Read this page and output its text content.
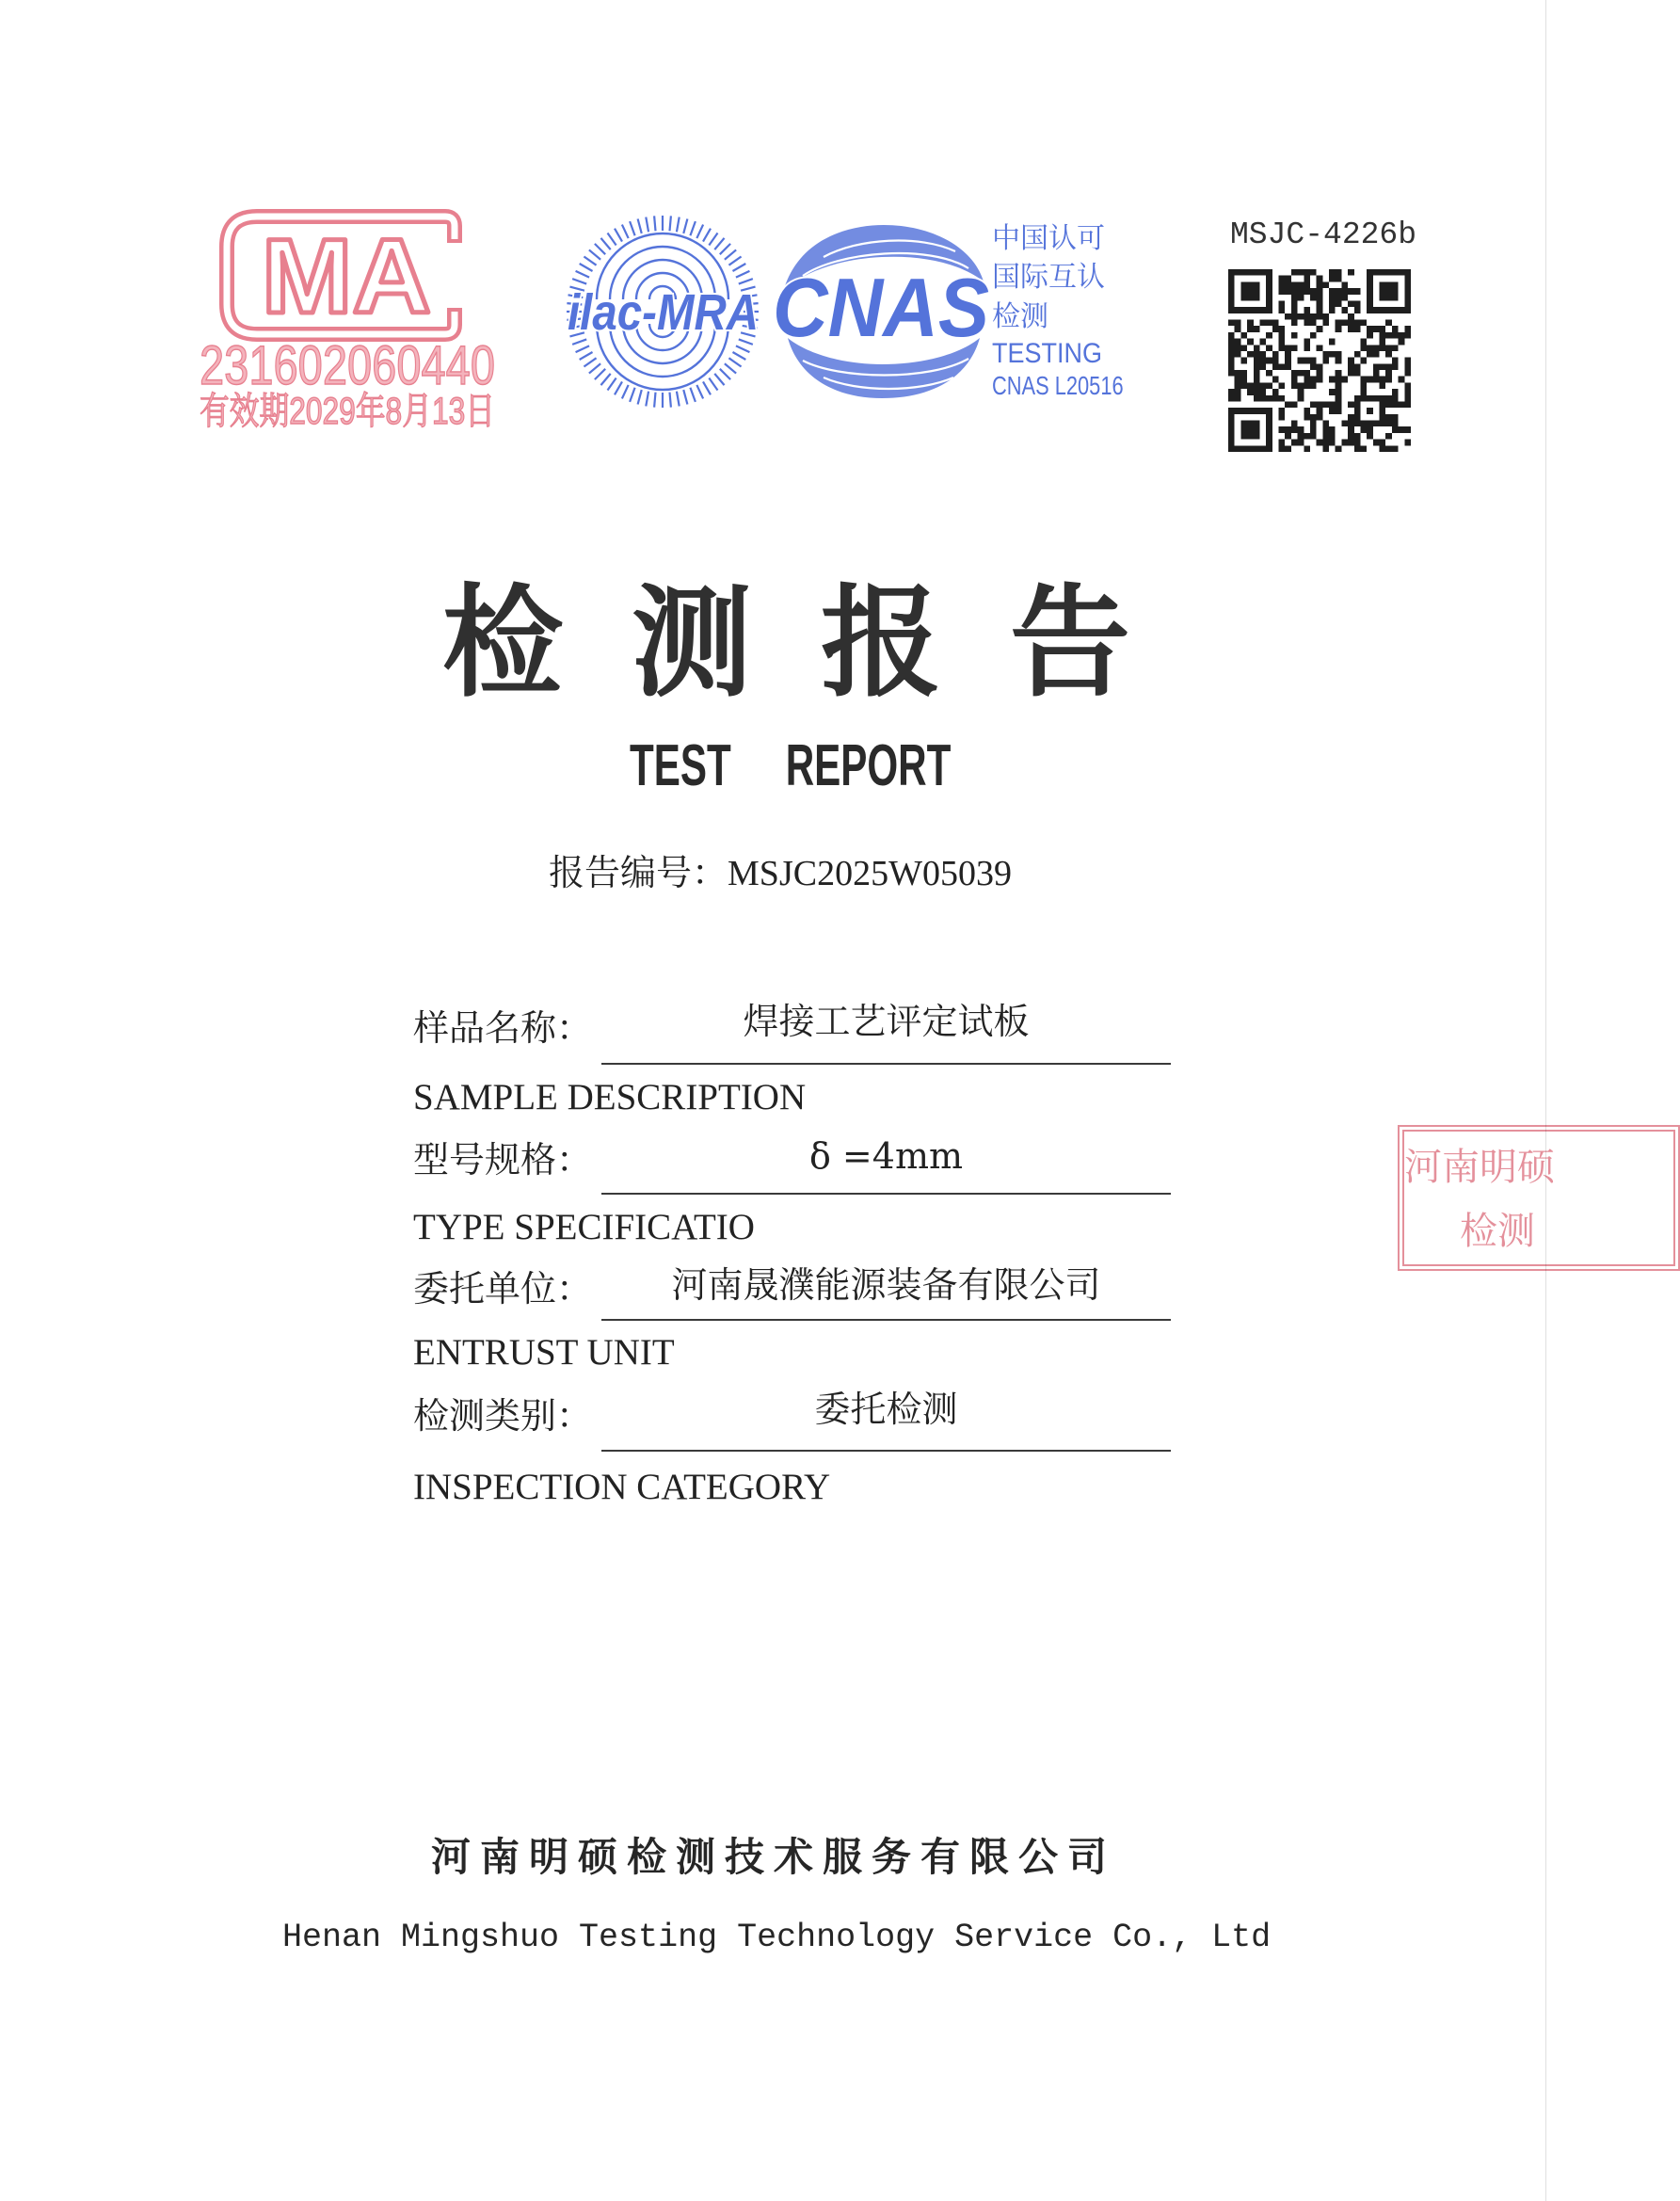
MA
231602060440
有效期2029年8月13日
ilac-MRA CNAS
中国认可
国际互认
检测
TESTING
CNAS L20516
MSJC-4226b
检测报告
TEST REPORT
报告编号：MSJC2025W05039
样品名称：	焊接工艺评定试板
SAMPLE DESCRIPTION
型号规格：	δ =4mm
TYPE SPECIFICATIO
委托单位：	河南晟濮能源装备有限公司
ENTRUST UNIT
检测类别：	委托检测
INSPECTION CATEGORY
河南明硕
检测
河南明硕检测技术服务有限公司
Henan Mingshuo Testing Technology Service Co., Ltd
